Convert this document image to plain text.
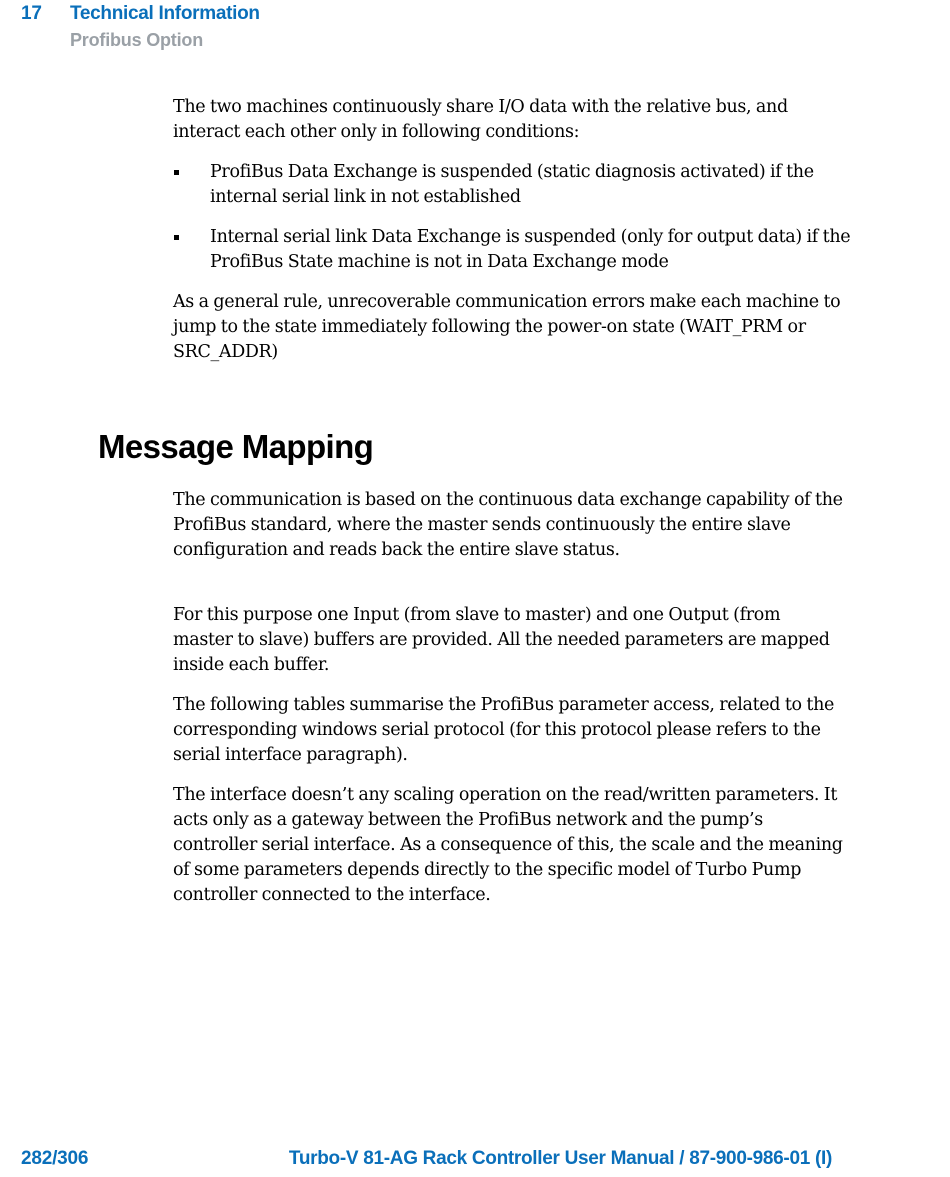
17 Technical Information
Profibus Option

The two machines continuously share I/O data with the relative bus, and interact each other only in following conditions:

ProfiBus Data Exchange is suspended (static diagnosis activated) if the internal serial link in not established
Internal serial link Data Exchange is suspended (only for output data) if the ProfiBus State machine is not in Data Exchange mode

As a general rule, unrecoverable communication errors make each machine to jump to the state immediately following the power-on state (WAIT_PRM or SRC_ADDR)

Message Mapping

The communication is based on the continuous data exchange capability of the ProfiBus standard, where the master sends continuously the entire slave configuration and reads back the entire slave status.

For this purpose one Input (from slave to master) and one Output (from master to slave) buffers are provided. All the needed parameters are mapped inside each buffer.

The following tables summarise the ProfiBus parameter access, related to the corresponding windows serial protocol (for this protocol please refers to the serial interface paragraph).

The interface doesn’t any scaling operation on the read/written parameters. It acts only as a gateway between the ProfiBus network and the pump’s controller serial interface. As a consequence of this, the scale and the meaning of some parameters depends directly to the specific model of Turbo Pump controller connected to the interface.

282/306	Turbo-V 81-AG Rack Controller User Manual / 87-900-986-01 (I)
